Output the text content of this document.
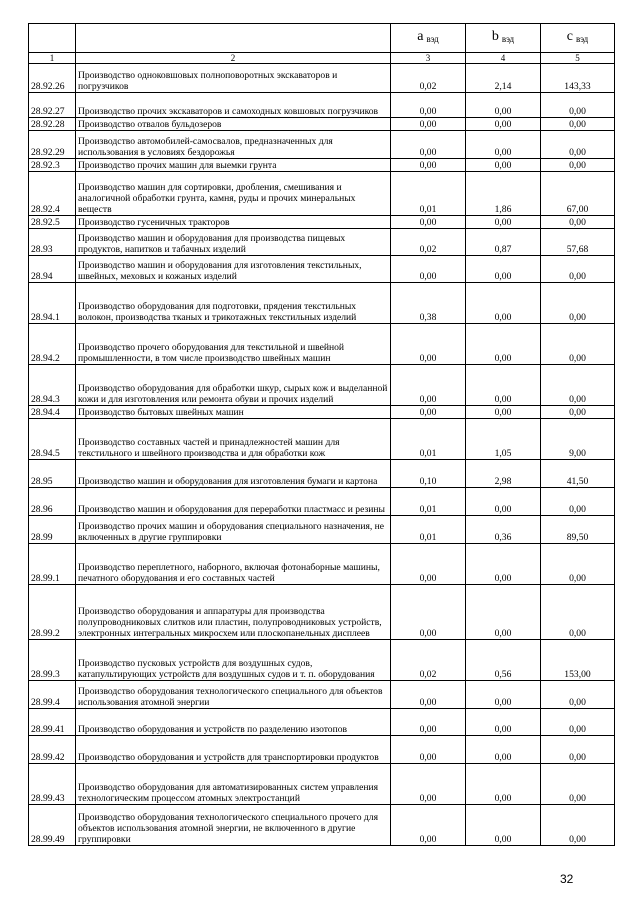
		a $_{вэд}$	b $_{вэд}$	c $_{вэд}$
1	2	3	4	5
28.92.26	Производство одноковшовых полноповоротных экскаваторов и погрузчиков	0,02	2,14	143,33
28.92.27	Производство прочих экскаваторов и самоходных ковшовых погрузчиков	0,00	0,00	0,00
28.92.28	Производство отвалов бульдозеров	0,00	0,00	0,00
28.92.29	Производство автомобилей-самосвалов, предназначенных для использования в условиях бездорожья	0,00	0,00	0,00
28.92.3	Производство прочих машин для выемки грунта	0,00	0,00	0,00
28.92.4	Производство машин для сортировки, дробления, смешивания и аналогичной обработки грунта, камня, руды и прочих минеральных веществ	0,01	1,86	67,00
28.92.5	Производство гусеничных тракторов	0,00	0,00	0,00
28.93	Производство машин и оборудования для производства пищевых продуктов, напитков и табачных изделий	0,02	0,87	57,68
28.94	Производство машин и оборудования для изготовления текстильных, швейных, меховых и кожаных изделий	0,00	0,00	0,00
28.94.1	Производство оборудования для подготовки, прядения текстильных волокон, производства тканых и трикотажных текстильных изделий	0,38	0,00	0,00
28.94.2	Производство прочего оборудования для текстильной и швейной промышленности, в том числе производство швейных машин	0,00	0,00	0,00
28.94.3	Производство оборудования для обработки шкур, сырых кож и выделанной кожи и для изготовления или ремонта обуви и прочих изделий	0,00	0,00	0,00
28.94.4	Производство бытовых швейных машин	0,00	0,00	0,00
28.94.5	Производство составных частей и принадлежностей машин для текстильного и швейного производства и для обработки кож	0,01	1,05	9,00
28.95	Производство машин и оборудования для изготовления бумаги и картона	0,10	2,98	41,50
28.96	Производство машин и оборудования для переработки пластмасс и резины	0,01	0,00	0,00
28.99	Производство прочих машин и оборудования специального назначения, не включенных в другие группировки	0,01	0,36	89,50
28.99.1	Производство переплетного, наборного, включая фотонаборные машины, печатного оборудования и его составных частей	0,00	0,00	0,00
28.99.2	Производство оборудования и аппаратуры для производства полупроводниковых слитков или пластин, полупроводниковых устройств, электронных интегральных микросхем или плоскопанельных дисплеев	0,00	0,00	0,00
28.99.3	Производство пусковых устройств для воздушных судов, катапультирующих устройств для воздушных судов и т. п. оборудования	0,02	0,56	153,00
28.99.4	Производство оборудования технологического специального для объектов использования атомной энергии	0,00	0,00	0,00
28.99.41	Производство оборудования и устройств по разделению изотопов	0,00	0,00	0,00
28.99.42	Производство оборудования и устройств для транспортировки продуктов	0,00	0,00	0,00
28.99.43	Производство оборудования для автоматизированных систем управления технологическим процессом атомных электростанций	0,00	0,00	0,00
28.99.49	Производство оборудования технологического специального прочего для объектов использования атомной энергии, не включенного в другие группировки	0,00	0,00	0,00
32
